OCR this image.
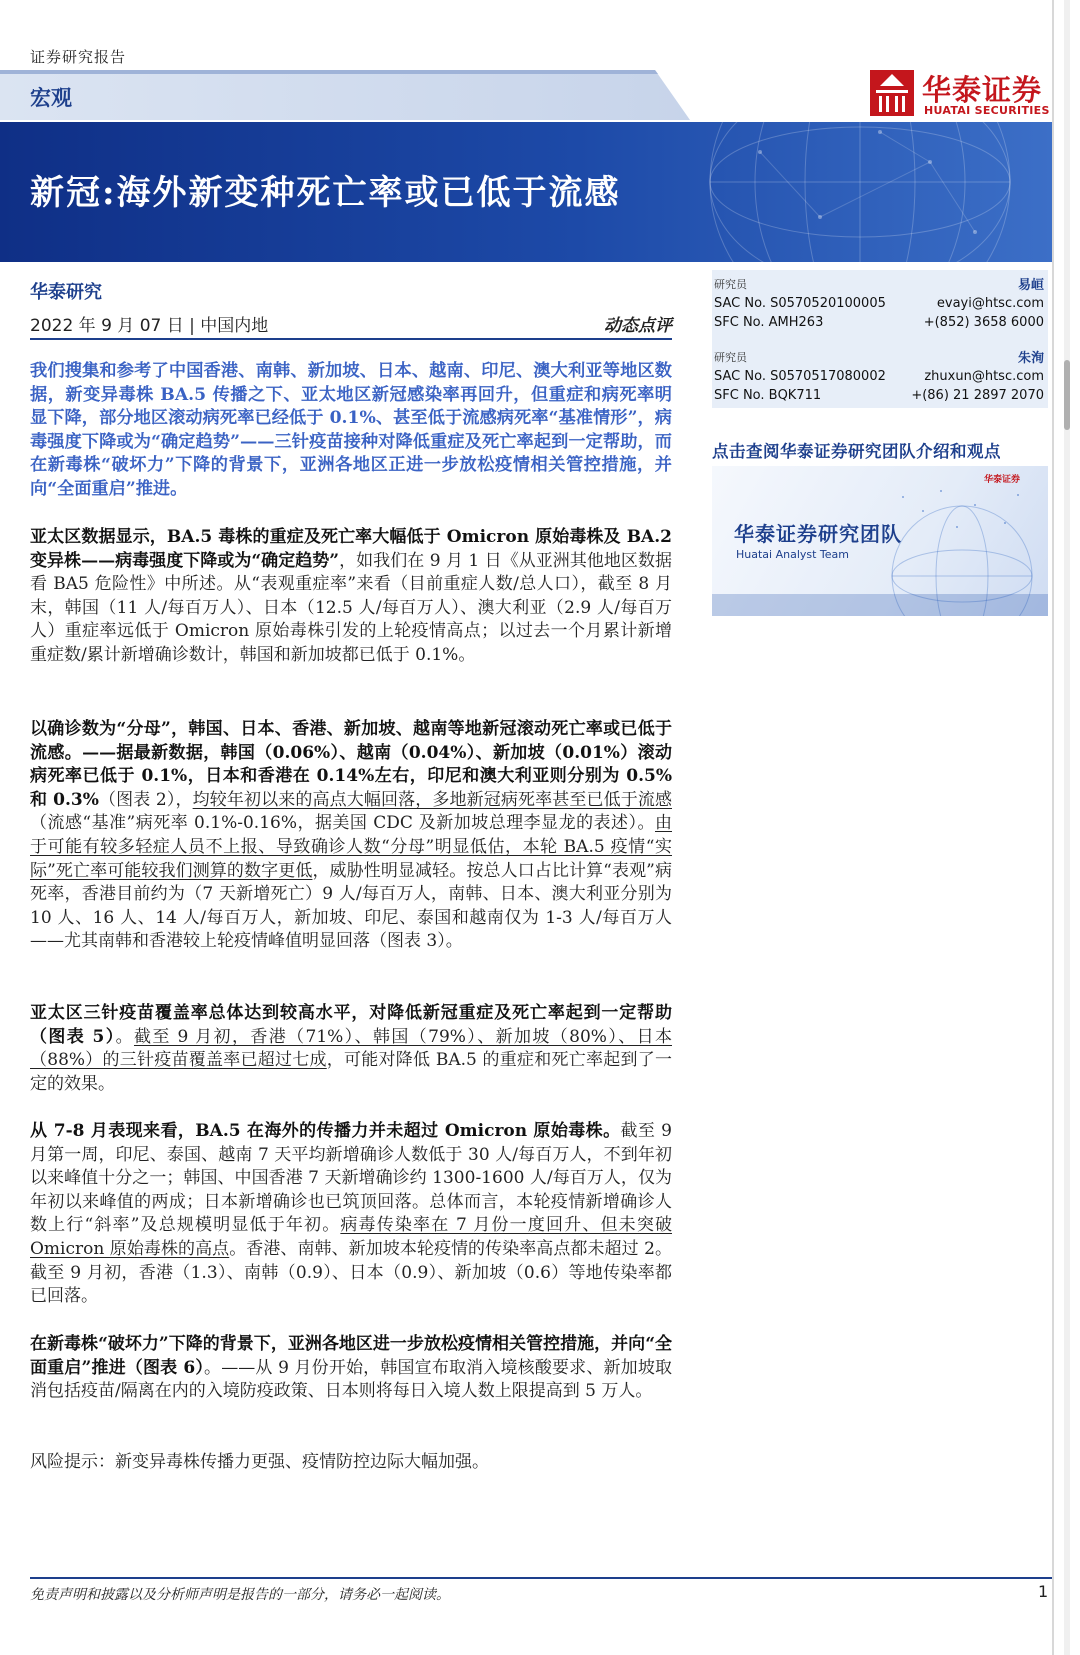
证券研究报告
宏观	华泰证券
HUATAI SECURITIES
新冠:海外新变种死亡率或已低于流感
华泰研究
2022 年 9 月 07 日 | 中国内地	动态点评

我们搜集和参考了中国香港、南韩、新加坡、日本、越南、印尼、澳大利亚等地区数据，新变异毒株 BA.5 传播之下、亚太地区新冠感染率再回升，但重症和病死率明显下降，部分地区滚动病死率已经低于 0.1%、甚至低于流感病死率“基准情形”，病毒强度下降或为“确定趋势”——三针疫苗接种对降低重症及死亡率起到一定帮助，而在新毒株“破坏力”下降的背景下，亚洲各地区正进一步放松疫情相关管控措施，并向“全面重启”推进。

亚太区数据显示，BA.5 毒株的重症及死亡率大幅低于 Omicron 原始毒株及 BA.2 变异株——病毒强度下降或为“确定趋势”，如我们在 9 月 1 日《从亚洲其他地区数据看 BA5 危险性》中所述。从“表观重症率”来看（目前重症人数/总人口），截至 8 月末，韩国（11 人/每百万人）、日本（12.5 人/每百万人）、澳大利亚（2.9 人/每百万人）重症率远低于 Omicron 原始毒株引发的上轮疫情高点；以过去一个月累计新增重症数/累计新增确诊数计，韩国和新加坡都已低于 0.1%。

以确诊数为“分母”，韩国、日本、香港、新加坡、越南等地新冠滚动死亡率或已低于流感。——据最新数据，韩国（0.06%）、越南（0.04%）、新加坡（0.01%）滚动病死率已低于 0.1%，日本和香港在 0.14%左右，印尼和澳大利亚则分别为 0.5%和 0.3%（图表 2），均较年初以来的高点大幅回落，多地新冠病死率甚至已低于流感（流感“基准”病死率 0.1%-0.16%，据美国 CDC 及新加坡总理李显龙的表述）。由于可能有较多轻症人员不上报、导致确诊人数“分母”明显低估，本轮 BA.5 疫情“实际”死亡率可能较我们测算的数字更低，威胁性明显减轻。按总人口占比计算“表观”病死率，香港目前约为（7 天新增死亡）9 人/每百万人，南韩、日本、澳大利亚分别为 10 人、16 人、14 人/每百万人，新加坡、印尼、泰国和越南仅为 1-3 人/每百万人——尤其南韩和香港较上轮疫情峰值明显回落（图表 3）。

亚太区三针疫苗覆盖率总体达到较高水平，对降低新冠重症及死亡率起到一定帮助（图表 5）。截至 9 月初，香港（71%）、韩国（79%）、新加坡（80%）、日本（88%）的三针疫苗覆盖率已超过七成，可能对降低 BA.5 的重症和死亡率起到了一定的效果。

从 7-8 月表现来看，BA.5 在海外的传播力并未超过 Omicron 原始毒株。截至 9 月第一周，印尼、泰国、越南 7 天平均新增确诊人数低于 30 人/每百万人，不到年初以来峰值十分之一；韩国、中国香港 7 天新增确诊约 1300-1600 人/每百万人，仅为年初以来峰值的两成；日本新增确诊也已筑顶回落。总体而言，本轮疫情新增确诊人数上行“斜率”及总规模明显低于年初。病毒传染率在 7 月份一度回升、但未突破 Omicron 原始毒株的高点。香港、南韩、新加坡本轮疫情的传染率高点都未超过 2。截至 9 月初，香港（1.3）、南韩（0.9）、日本（0.9）、新加坡（0.6）等地传染率都已回落。

在新毒株“破坏力”下降的背景下，亚洲各地区进一步放松疫情相关管控措施，并向“全面重启”推进（图表 6）。——从 9 月份开始，韩国宣布取消入境核酸要求、新加坡取消包括疫苗/隔离在内的入境防疫政策、日本则将每日入境人数上限提高到 5 万人。

风险提示：新变异毒株传播力更强、疫情防控边际大幅加强。

研究员	易峘
SAC No. S0570520100005	evayi@htsc.com
SFC No. AMH263	+(852) 3658 6000
研究员	朱洵
SAC No. S0570517080002	zhuxun@htsc.com
SFC No. BQK711	+(86) 21 2897 2070
点击查阅华泰证券研究团队介绍和观点
华泰证券
华泰证券研究团队
Huatai Analyst Team
免责声明和披露以及分析师声明是报告的一部分，请务必一起阅读。	1
